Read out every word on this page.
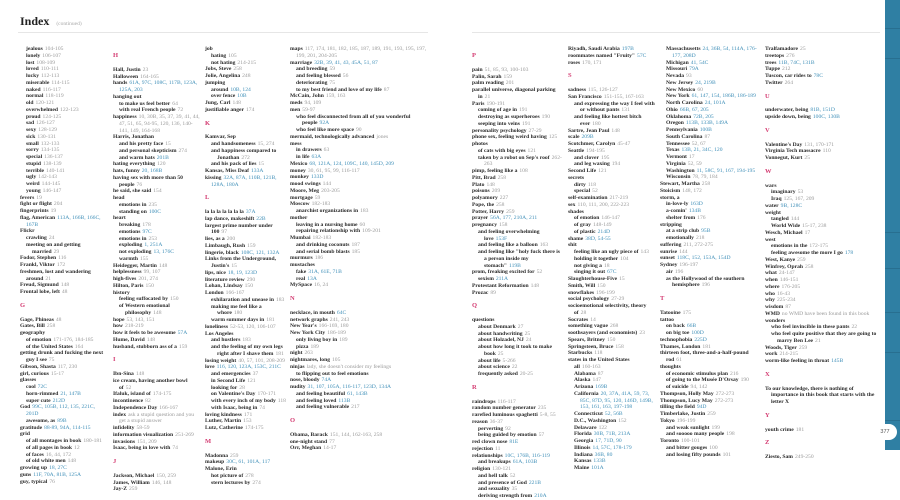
Index (continued)
jealous 104-105
lonely 106-107
lost 108-109
loved 110-111
lucky 112-113
miserable 114-115
naked 116-117
normal 118-119
old 120-121
overwhelmed 122-123
proud 124-125
sad 126-127
sexy 128-129
sick 130-131
small 132-133
sorry 134-135
special 136-137
stupid 138-139
terrible 140-141
ugly 142-143
weird 144-145
young 146-147
fevers 19
fight or flight 204
fingerprints 19
flag, American 113A, 166B, 166C, 167B
Flickr
crawling 24
meeting on and getting married 29
Fodor, Stephen 116
Frankl, Viktor 172
freshmen, lost and wandering around 21
Freud, Sigmund 148
Frontal lobe, left 48
G
Gage, Phineas 48
Gates, Bill 258
geography
of emotion 171-176, 184-185
of the United States 164
getting drunk and fucking the next guy I see 75
Gibson, Shasta 117, 230
girl, curious 15-17
glasses
cool 72C
horn-rimmed 21, 147B
super cute 212D
God 99C, 105B, 112, 135, 221C, 201D
awesome, as 89B
gratitude 88-89, 94A, 114-115
grid
of all montages in book 180-181
of all pages in book 12
of faces 16, 44, 172
of old white men 148
growing up 18, 27C
guns 11F, 70A, 81B, 125A
guy, typical 76
H
Hall, Justin 23
Halloween 164-165
hands 61A, 97C, 108C, 117B, 123A, 125A, 203
hanging out
to make us feel better 64
with real French people 72
happiness 10, 30B, 35, 37, 39, 41, 44, 47, 51, 65, 94-95, 120, 136, 140-141, 149, 164-168
Harris, Jonathan
and his pretty face 15
and personal skepticism 274
and warm hats 201B
hating everything 120
hats, funny 20, 168B
having sex with more than 50 people 76
he said, she said 154
head
emotions in 235
standing on 100C
heart
breaking 178
emotions 97C
emotions in 253
exploding 1, 251A
not exploding 13, 176C
warmth 155
Heidegger, Martin 148
helplessness 99, 107
high-fives 201, 274
Hilton, Paris 150
history
feeling suffocated by 150
of Western emotional philosophy 148
hope 53, 143, 151
how 218-219
how it feels to be awesome 57A
Hume, David 148
husband, stubborn ass of a 159
I
Ibn-Sina 148
ice cream, having another bowl of 52
Ifaluk, island of 174-175
incontinence 82
Independence Day 166-167
index ask a stupid question and you get a stupid answer
infidelity 58-59
information visualization 251-269
invasions 151, 209
Isaac, being in love with 74
J
Jackson, Michael 150, 259
James, William 146, 148
Jay-Z 259
job
hating 105
not hating 214-215
Jobs, Steve 258
Jolie, Angelina 248
jumping
around 10B, 124
over fence 10B
Jung, Carl 148
justifiable anger 174
K
Kamvar, Sep
and handsomeness 15, 274
and happiness compared to Jonathan 272
and his pack of lies 15
Kansas, Miss Deaf 133A
kissing 32A, 87A, 110B, 121B, 128A, 180A
L
la la la la la la la 37A
lap dance, makeshift 22B
largest prime number under 100 97
lies, as a 200
Limbaugh, Rush 159
lingerie, black 108C, 121, 132A
Links from the Underground, Justin's 15
lips, nice 18, 19, 123D
literature review 290
Lohan, Lindsay 150
London 166-167
exhilaration and unease in 183
making me feel like a whore 180
warm summer days in 181
loneliness 52-53, 120, 106-107
Los Angeles
and hustlers 183
and the feeling of my own legs right after I shave them 181
losing weight 40, 57, 101, 208-209
love 116, 120, 123A, 153C, 211C
and emergencies 37
in Second Life 121
looking for 28
on Valentine's Day 170-171
with every inch of my body 118
with Isaac, being in 74
loving kindness 171
Luther, Martin 153
Lutz, Catherine 174-175
M
Madonna 259
makeup 30C, 61, 101A, 117
Malone, Erin
hot picture of 278
stern lectures by 274
maps 117, 174, 181, 182, 185, 187, 189, 191, 193, 195, 197, 199, 201, 204-205
marriage 32B, 39, 41, 43, 45A, 51, 87
and breeding 59
and feeling blessed 56
deteriorating 75
to my best friend and love of my life 87
McCain, John 159, 163
meds 94, 109
men 59-97
who feel disconnected from all of you wonderful people 92A
who feel like more space 90
mermaid, technologically advanced jones
mess
in drawers 63
in life 63A
Mexico 68, 121A, 124, 109C, 140, 145D, 209
money 30, 61, 95, 99, 116-117
monkey 133D
mood swings 144
Moore, Meg 203-205
mortgage 59
Moscow 182-183
anarchist organizations in 183
mother
leaving in a nursing home 60
repairing relationship with 109-201
Mumbai 182-183
and drinking coconuts 187
and serial bomb blasts 185
murmurs 186
mustaches
fake 31A, 61E, 71B
real 13A
MySpace 16, 24
N
necklace, in mouth 64C
network graphs 241, 243
New Year's 166-169, 180
New York City 186-189
only living boy in 189
pizza 189
night 263
nightmares, long 105
ninjas lady, she doesn't consider my feelings
to flipping out to feel emotions
nose, bloody 74A
nudity 31, 107, 105A, 116-117, 123D, 134A
and feeling beautiful 61, 143B
and feeling loved 113B
and feeling vulnerable 217
O
Obama, Barack 151, 144, 162-163, 258
one-night stand 77
Orr, Meghan 14-17
P
pain 51, 85, 93, 100-103
Palin, Sarah 159
palm reading 201
parallel universe, diagonal parking in 21
Paris 190-191
coming of age in 191
destroying as superheroes 190
seeping into veins 191
personality psychology 27-29
phone sex, feeling weird having 125
photos
of cats with big eyes 121
taken by a robot on Sep's roof 262-263
pimp, feeling like a 108
Pitt, Brad 258
Plato 148
poisons 209
polyamory 227
Pope, the 258
Potter, Harry 259
prayer 56A, 177, 210A, 211
pregnancy 158
and feeling overwhelming love 153F
and feeling like a balloon 163
and feeling like "holy fuck there is a person inside my stomach" 119B
prom, freaking excited for 52
sexism 211A
Protestant Reformation 148
Prozac 89
Q
questions
about Denmark 27
about handwriting 25
about Holzadel, NJ 24
about how long it took to make book 25
about life 5-266
about science 22
frequently asked 20-25
R
raindrops 116-117
random number generator 235
rarefied luminous spaghetti 5-8, 55
reason 36-37
perverting 92
being guided by emotion 57
red clown nose 81E
rejection 11
relationships 10C, 176B, 116-119
and breakups 61A, 103B
religion 130-121
and hell talk 52
and presence of God 221B
and sexuality 35
deriving strength from 210A
Riyadh, Saudi Arabia 197B
roommates named "Fruity" 57C
roses 170, 171
S
sadness 115, 126-127
San Francisco 151-155, 167-163
and expressing the way I feel with or without pants 131
and feeling like hottest bitch ever 180
Sartre, Jean Paul 148
scale 209B
Scotchmer, Carolyn 45-47
Seattle 194-195
and clover 195
and leg waxing 194
Second Life 121
secrets
dirty 118
special 52
self-examination 217-219
sex 110, 111, 200, 222-223
shades
of emotion 146-147
of gray 148-149
of plastic 214D
shame 38D, 54-55
shit
feeling like an ugly piece of 143
holding it together 104
not giving a 18
singing it out 67C
Slaughterhouse-Five 15
Smith, Will 150
snowflakes 196-199
social psychology 27-29
socioemotional selectivity, theory of 28
Socrates 14
something vague 268
soothsayers (and economists) 23
Spears, Britney 150
Springsteen, Bruce 158
Starbucks 118
states in the United States
all 160-163
Alabama 87
Alaska 147
Arizona 169B
California 20, 37A, 41A, 59, 73, 85C, 87D, 95, 120, 146D, 149B, 153, 161, 163, 197-198
Connecticut 52, 56B
D.C., Washington 152
Delaware 122
Florida 30B, 71B, 213A
Georgia 17, 71D, 90
Illinois 14, 57C, 178-179
Indiana 36B, 80
Kansas 133B
Maine 101A
Massachusetts 24, 36B, 54, 114A, 176-177, 208D
Michigan 41, 54C
Missouri 79A
Nevada 93
New Jersey 24, 219B
New Mexico 60
New York 61, 147, 154, 186B, 186-189
North Carolina 24, 101A
Ohio 66B, 67, 205
Oklahoma 72B, 205
Oregon 113B, 133B, 149A
Pennsylvania 100B
South Carolina 87
Tennessee 52, 67
Texas 13B, 21, 34C, 120
Vermont 17
Virginia 52, 59
Washington 11, 58C, 91, 167, 194-195
Wisconsin 78, 79, 184
Stewart, Martha 258
Stoicism 148, 172
storm, a
in-love-ly 163D
a-comin' 134B
shelter from 176
stripping
at a strip club 95B
emotionally 218
suffering 211, 272-275
sunrise 144
sunset 118C, 152, 153A, 154D
Sydney 196-197
air 196
as the Hollywood of the southern hemisphere 196
T
Tatooine 175
tattoo
on back 66B
on big toe 100D
technophobia 225D
Thames, London 181
thirteen foot, three-and-a-half-pound rod 61
thoughts
of economic stimulus plan 216
of going to the Musée D'Orsay 190
of suicide 94, 142
Thompson, Holly May 272-273
Thompson, Lucy May 272-273
tilling the field 94D
Timberlake, Justin 259
Tokyo 196-199
and weak sunlight 199
and sooooo many people 198
Toronto 100-101
and bitter gouges 100
and losing fifty pounds 101
Tralfamadore 25
treetops 276
trees 11B, 74C, 131B
Tuppe 212
Tuscon, car rides to 78C
Twitter 264
U
underwater, being 81B, 151D
upside down, being 100C, 130B
V
Valentine's Day 131, 170-171
Virginia Tech massacre 110
Vonnegut, Kurt 25
W
wars
imaginary 53
Iraq 125, 167, 209
water 9B, 128C
weight
tangled 144
World Wide 15-17, 238
Wesch, Michael 17
west
emotions in the 172-175
feeling awesome the more I go 178
West, Kanye 259
Winfrey, Oprah 258
what 24-147
when 146-151
where 176-205
who 16-43
why 225-234
wisdom 87
WMD no WMD have been found in this book
wonders
who feel invincible in these pants 22
who feel quite positive that they are going to marry Ben Lee 21
Woods, Tiger 259
work 214-215
worm-like feeling in throat 145B
X
To our knowledge, there is nothing of importance in this book that starts with the letter X
Y
youth crime 181
Z
Ziesto, Sam 249-250
377
